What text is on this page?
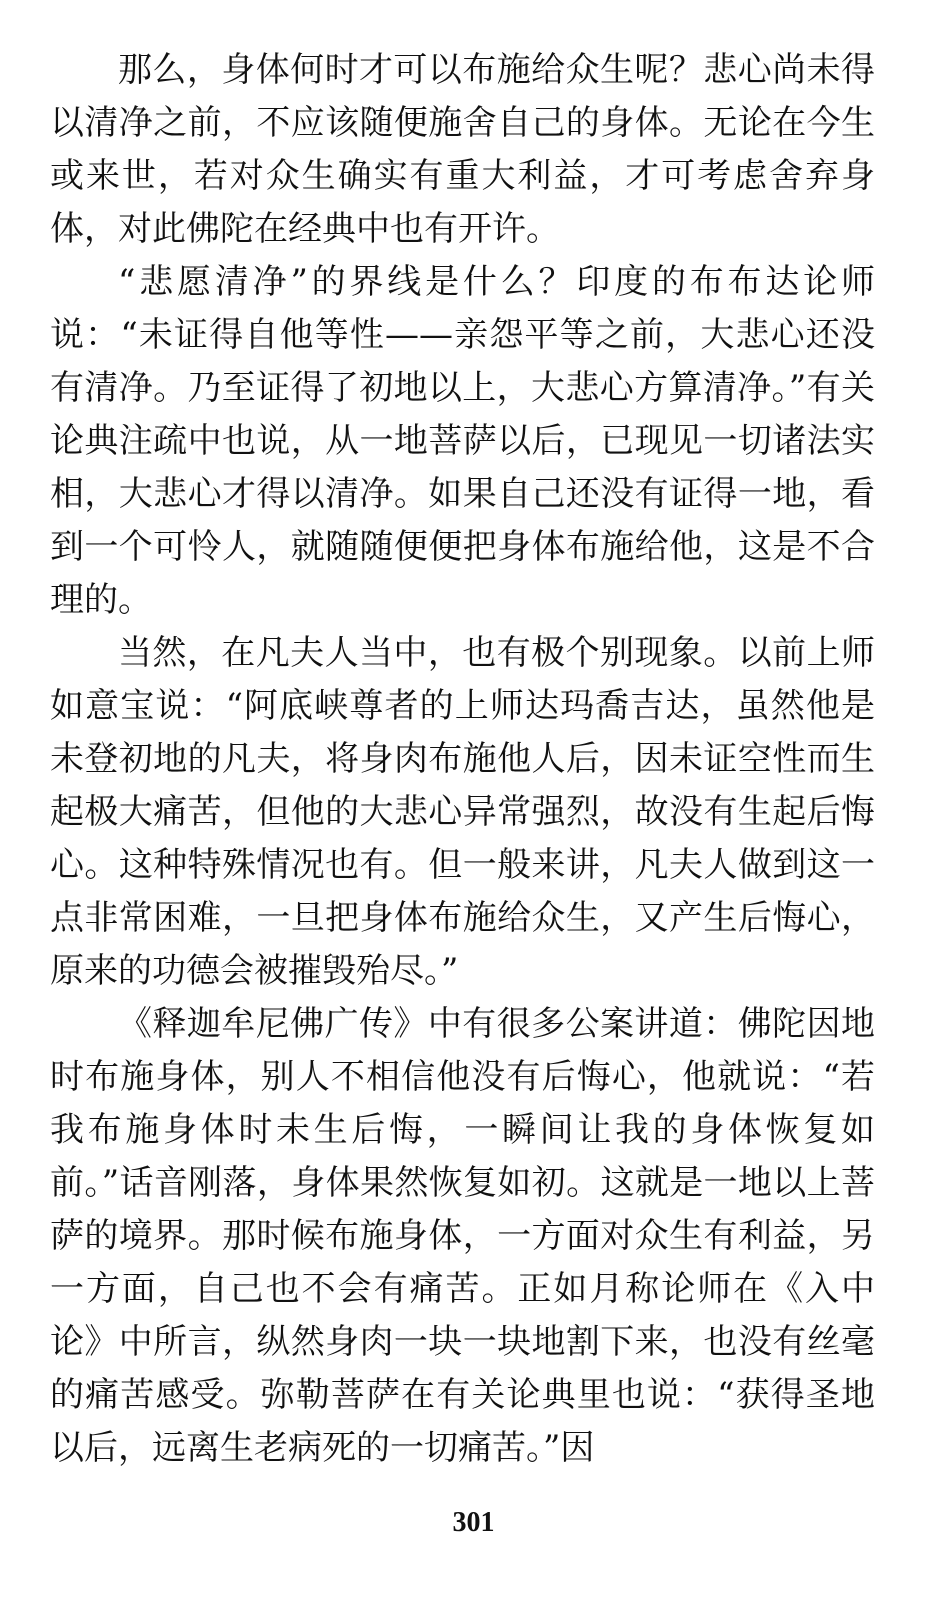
那么，身体何时才可以布施给众生呢？悲心尚未得以清净之前，不应该随便施舍自己的身体。无论在今生或来世，若对众生确实有重大利益，才可考虑舍弃身体，对此佛陀在经典中也有开许。

“悲愿清净”的界线是什么？印度的布布达论师说：“未证得自他等性——亲怨平等之前，大悲心还没有清净。乃至证得了初地以上，大悲心方算清净。”有关论典注疏中也说，从一地菩萨以后，已现见一切诸法实相，大悲心才得以清净。如果自己还没有证得一地，看到一个可怜人，就随随便便把身体布施给他，这是不合理的。

当然，在凡夫人当中，也有极个别现象。以前上师如意宝说：“阿底峡尊者的上师达玛喬吉达，虽然他是未登初地的凡夫，将身肉布施他人后，因未证空性而生起极大痛苦，但他的大悲心异常强烈，故没有生起后悔心。这种特殊情况也有。但一般来讲，凡夫人做到这一点非常困难，一旦把身体布施给众生，又产生后悔心，原来的功德会被摧毁殆尽。”

《释迦牟尼佛广传》中有很多公案讲道：佛陀因地时布施身体，别人不相信他没有后悔心，他就说：“若我布施身体时未生后悔，一瞬间让我的身体恢复如前。”话音刚落，身体果然恢复如初。这就是一地以上菩萨的境界。那时候布施身体，一方面对众生有利益，另一方面，自己也不会有痛苦。正如月称论师在《入中论》中所言，纵然身肉一块一块地割下来，也没有丝毫的痛苦感受。弥勒菩萨在有关论典里也说：“获得圣地以后，远离生老病死的一切痛苦。”因

301
